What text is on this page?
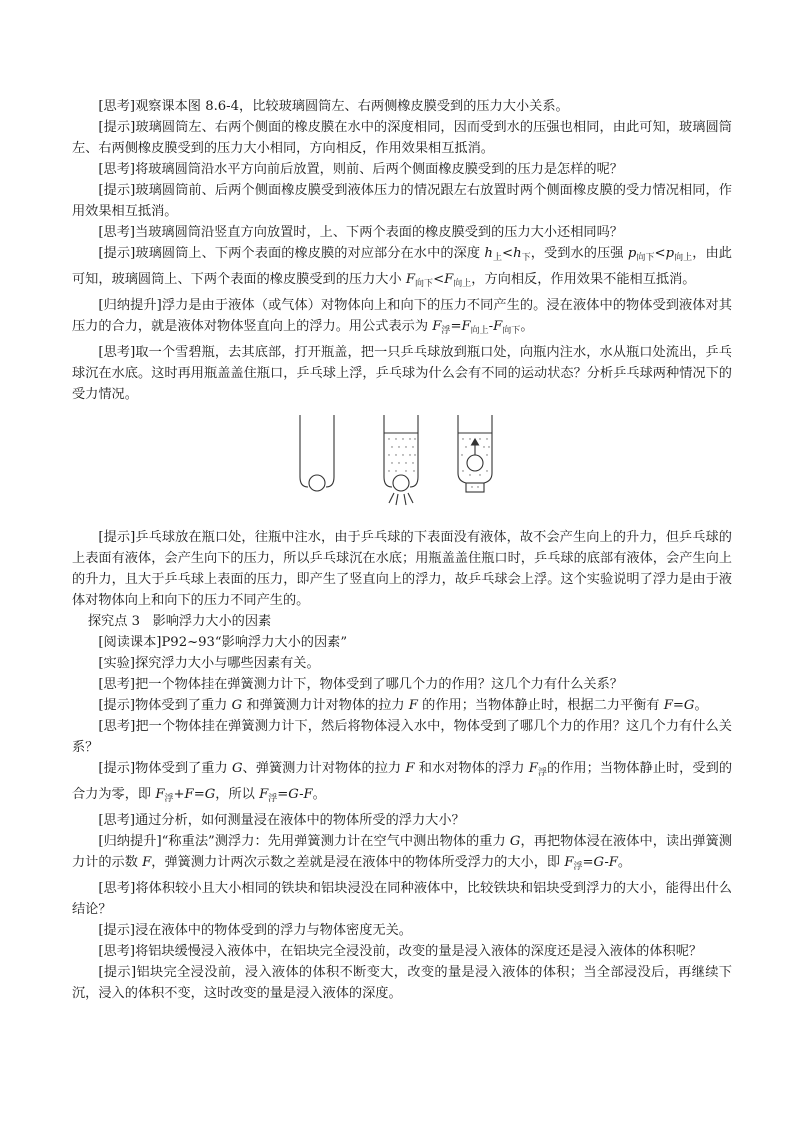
[思考]观察课本图 8.6-4，比较玻璃圆筒左、右两侧橡皮膜受到的压力大小关系。

[提示]玻璃圆筒左、右两个侧面的橡皮膜在水中的深度相同，因而受到水的压强也相同，由此可知，玻璃圆筒左、右两侧橡皮膜受到的压力大小相同，方向相反，作用效果相互抵消。

[思考]将玻璃圆筒沿水平方向前后放置，则前、后两个侧面橡皮膜受到的压力是怎样的呢？

[提示]玻璃圆筒前、后两个侧面橡皮膜受到液体压力的情况跟左右放置时两个侧面橡皮膜的受力情况相同，作用效果相互抵消。

[思考]当玻璃圆筒沿竖直方向放置时，上、下两个表面的橡皮膜受到的压力大小还相同吗？

[提示]玻璃圆筒上、下两个表面的橡皮膜的对应部分在水中的深度 $h_上<h_下$，受到水的压强 $p_{向下}<p_{向上}$，由此可知，玻璃圆筒上、下两个表面的橡皮膜受到的压力大小 $F_{向下}<F_{向上}$，方向相反，作用效果不能相互抵消。

[归纳提升]浮力是由于液体（或气体）对物体向上和向下的压力不同产生的。浸在液体中的物体受到液体对其压力的合力，就是液体对物体竖直向上的浮力。用公式表示为 $F_浮=F_{向上}-F_{向下}$。

[思考]取一个雪碧瓶，去其底部，打开瓶盖，把一只乒乓球放到瓶口处，向瓶内注水，水从瓶口处流出，乒乓球沉在水底。这时再用瓶盖盖住瓶口，乒乓球上浮，乒乓球为什么会有不同的运动状态？分析乒乓球两种情况下的受力情况。

[提示]乒乓球放在瓶口处，往瓶中注水，由于乒乓球的下表面没有液体，故不会产生向上的升力，但乒乓球的上表面有液体，会产生向下的压力，所以乒乓球沉在水底；用瓶盖盖住瓶口时，乒乓球的底部有液体，会产生向上的升力，且大于乒乓球上表面的压力，即产生了竖直向上的浮力，故乒乓球会上浮。这个实验说明了浮力是由于液体对物体向上和向下的压力不同产生的。

探究点 3 影响浮力大小的因素

[阅读课本]P92~93“影响浮力大小的因素”

[实验]探究浮力大小与哪些因素有关。

[思考]把一个物体挂在弹簧测力计下，物体受到了哪几个力的作用？这几个力有什么关系？

[提示]物体受到了重力 G 和弹簧测力计对物体的拉力 F 的作用；当物体静止时，根据二力平衡有 F=G。

[思考]把一个物体挂在弹簧测力计下，然后将物体浸入水中，物体受到了哪几个力的作用？这几个力有什么关系？

[提示]物体受到了重力 G、弹簧测力计对物体的拉力 F 和水对物体的浮力 $F_浮$的作用；当物体静止时，受到的合力为零，即 $F_浮+F=G$，所以 $F_浮=G-F$。

[思考]通过分析，如何测量浸在液体中的物体所受的浮力大小？

[归纳提升]“称重法”测浮力：先用弹簧测力计在空气中测出物体的重力 G，再把物体浸在液体中，读出弹簧测力计的示数 F，弹簧测力计两次示数之差就是浸在液体中的物体所受浮力的大小，即 $F_浮=G-F$。

[思考]将体积较小且大小相同的铁块和铝块浸没在同种液体中，比较铁块和铝块受到浮力的大小，能得出什么结论？

[提示]浸在液体中的物体受到的浮力与物体密度无关。

[思考]将铝块缓慢浸入液体中，在铝块完全浸没前，改变的量是浸入液体的深度还是浸入液体的体积呢？

[提示]铝块完全浸没前，浸入液体的体积不断变大，改变的量是浸入液体的体积；当全部浸没后，再继续下沉，浸入的体积不变，这时改变的量是浸入液体的深度。
